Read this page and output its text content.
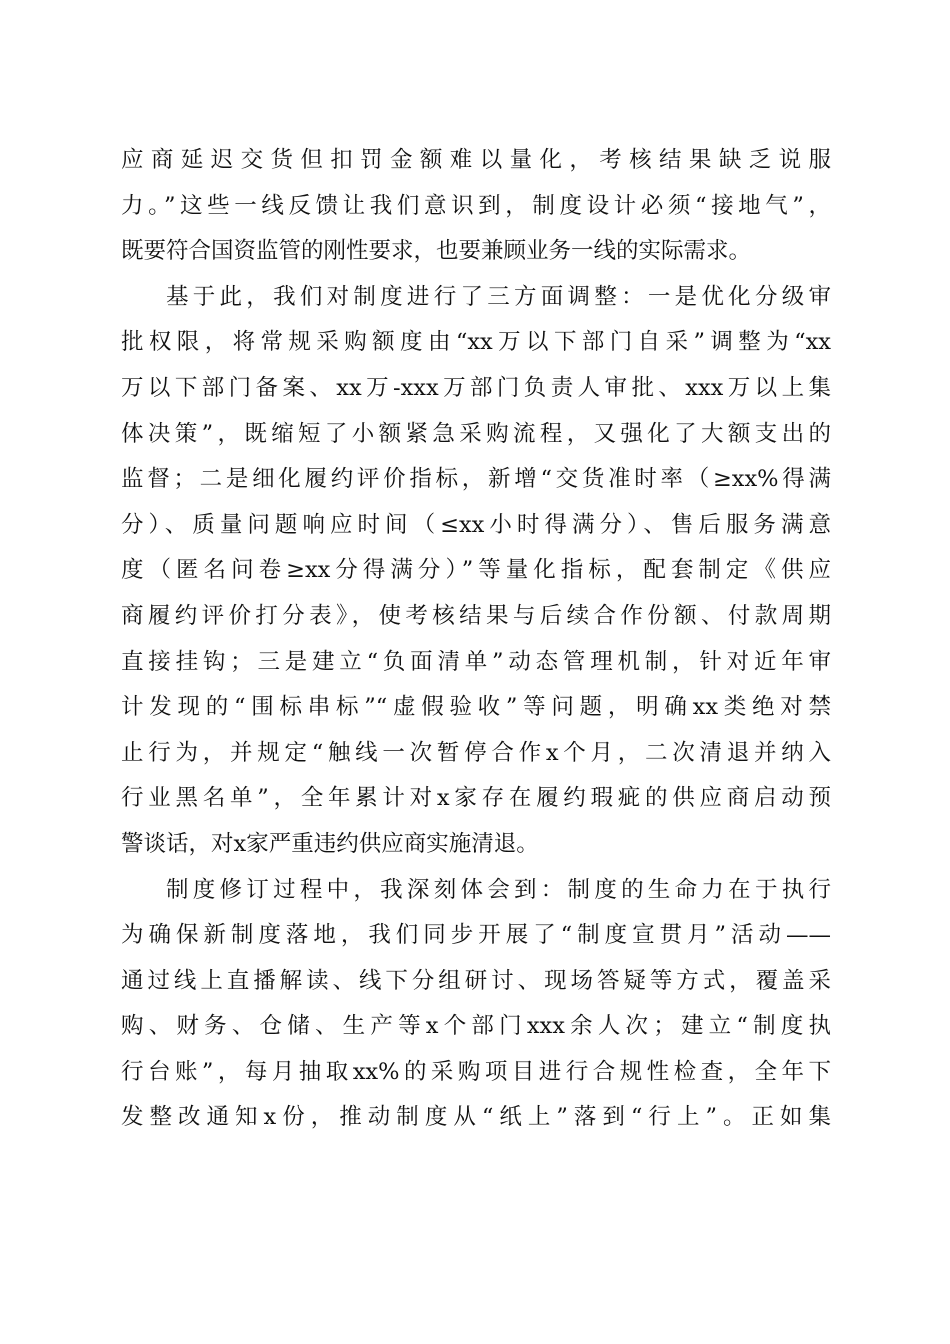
应商延迟交货但扣罚金额难以量化，考核结果缺乏说服
力。”这些一线反馈让我们意识到，制度设计必须“接地气”，
既要符合国资监管的刚性要求，也要兼顾业务一线的实际需求。
基于此，我们对制度进行了三方面调整：一是优化分级审
批权限，将常规采购额度由“xx万以下部门自采”调整为“xx
万以下部门备案、xx万-xxx万部门负责人审批、xxx万以上集
体决策”，既缩短了小额紧急采购流程，又强化了大额支出的
监督；二是细化履约评价指标，新增“交货准时率（≥xx%得满
分）、质量问题响应时间（≤xx小时得满分）、售后服务满意
度（匿名问卷≥xx分得满分）”等量化指标，配套制定《供应
商履约评价打分表》，使考核结果与后续合作份额、付款周期
直接挂钩；三是建立“负面清单”动态管理机制，针对近年审
计发现的“围标串标”“虚假验收”等问题，明确xx类绝对禁
止行为，并规定“触线一次暂停合作x个月，二次清退并纳入
行业黑名单”，全年累计对x家存在履约瑕疵的供应商启动预
警谈话，对x家严重违约供应商实施清退。
制度修订过程中，我深刻体会到：制度的生命力在于执行
为确保新制度落地，我们同步开展了“制度宣贯月”活动——
通过线上直播解读、线下分组研讨、现场答疑等方式，覆盖采
购、财务、仓储、生产等x个部门xxx余人次；建立“制度执
行台账”，每月抽取xx%的采购项目进行合规性检查，全年下
发整改通知x份，推动制度从“纸上”落到“行上”。正如集
